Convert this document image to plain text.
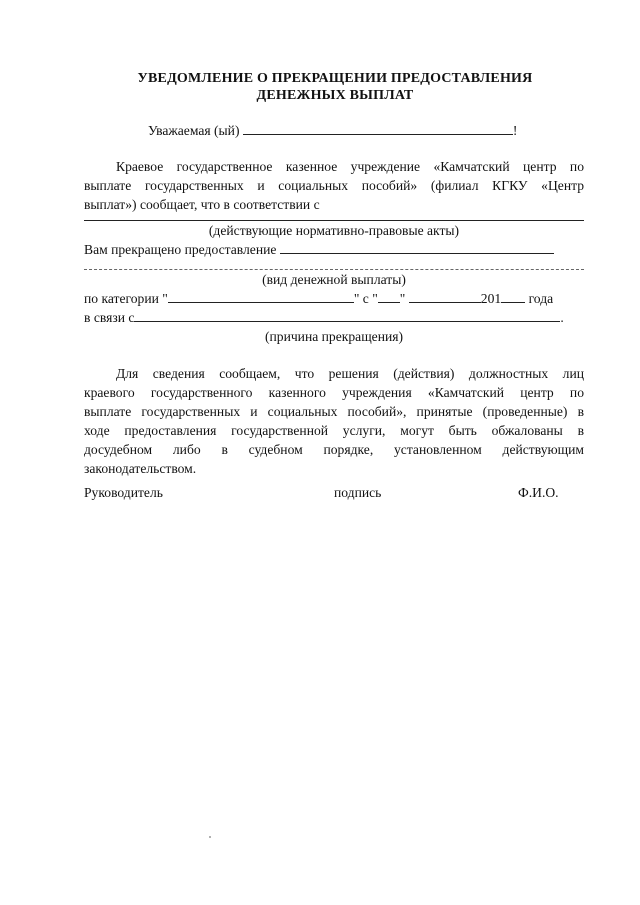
УВЕДОМЛЕНИЕ О ПРЕКРАЩЕНИИ ПРЕДОСТАВЛЕНИЯ

ДЕНЕЖНЫХ ВЫПЛАТ

Уважаемая (ый)	!

Краевое государственное казенное учреждение «Камчатский центр по

выплате государственных и социальных пособий» (филиал КГКУ «Центр

выплат») сообщает, что в соответствии с

(действующие нормативно-правовые акты)
Вам прекращено предоставление
(вид денежной выплаты)
по категории "	" с " "	201 года
в связи с	.
(причина прекращения)

Для сведения сообщаем, что решения (действия) должностных лиц

краевого государственного казенного учреждения «Камчатский центр по

выплате государственных и социальных пособий», принятые (проведенные) в

ходе предоставления государственной услуги, могут быть обжалованы в

досудебном либо в судебном порядке, установленном действующим

законодательством.

Руководитель	подпись	Ф.И.О.
